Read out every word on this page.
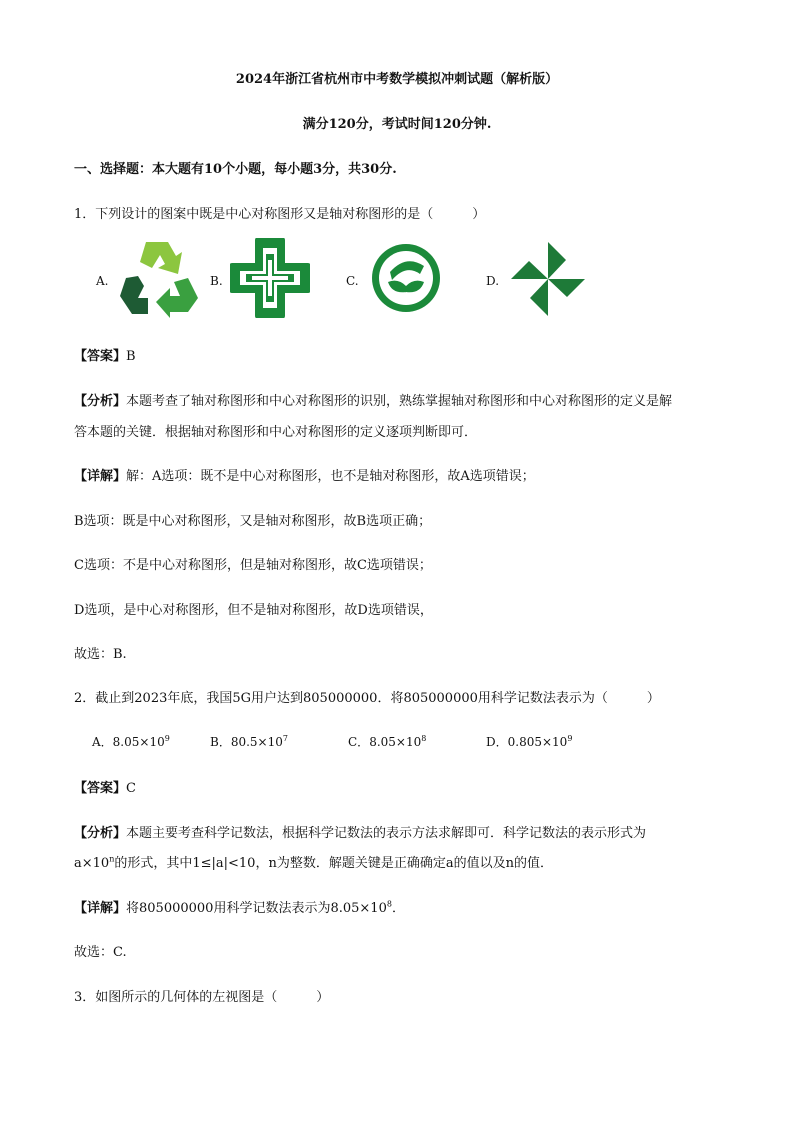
2024年浙江省杭州市中考数学模拟冲刺试题（解析版）
满分120分，考试时间120分钟.
一、选择题：本大题有10个小题，每小题3分，共30分.
1．下列设计的图案中既是中心对称图形又是轴对称图形的是（　　　）
A.	B.	C.	D.
【答案】B
【分析】本题考查了轴对称图形和中心对称图形的识别，熟练掌握轴对称图形和中心对称图形的定义是解
答本题的关键．根据轴对称图形和中心对称图形的定义逐项判断即可．
【详解】解：A选项：既不是中心对称图形，也不是轴对称图形，故A选项错误；
B选项：既是中心对称图形，又是轴对称图形，故B选项正确；
C选项：不是中心对称图形，但是轴对称图形，故C选项错误；
D选项，是中心对称图形，但不是轴对称图形，故D选项错误，
故选：B.
2．截止到2023年底，我国5G用户达到805000000．将805000000用科学记数法表示为（　　　）
A．$8.05\times 10^9$	B．$80.5\times 10^7$	C．$8.05\times 10^8$	D．$0.805\times 10^9$
【答案】C
【分析】本题主要考查科学记数法，根据科学记数法的表示方法求解即可．科学记数法的表示形式为
$a\times 10^n$的形式，其中1≤|a|<10，n为整数．解题关键是正确确定a的值以及n的值．
【详解】将805000000用科学记数法表示为$8.05\times 10^8$．
故选：C.
3．如图所示的几何体的左视图是（　　　）
